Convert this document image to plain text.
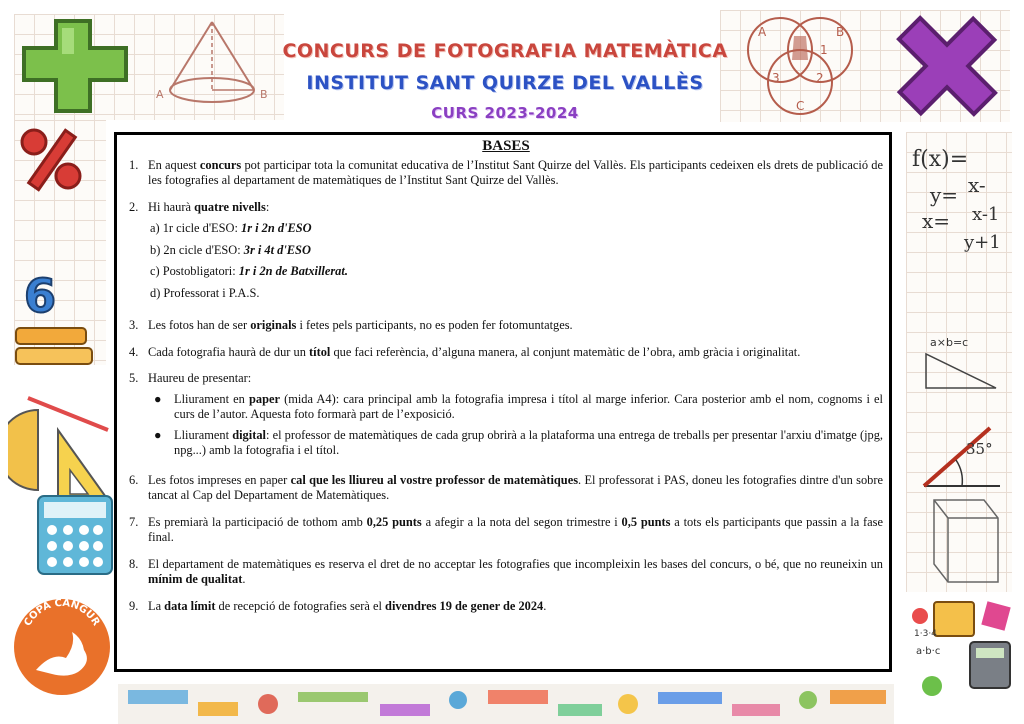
A	B
A	B
C
1
2
3
6
COPA CANGUR
f(x)=
x-
y=
x-1
x=
y+1
a×b=c
35°
a·b·c
1·3·4
CONCURS DE FOTOGRAFIA MATEMÀTICA
INSTITUT SANT QUIRZE DEL VALLÈS
CURS 2023-2024
BASES
1. En aquest concurs pot participar tota la comunitat educativa de l’Institut Sant Quirze del Vallès. Els participants cedeixen els drets de publicació de les fotografies al departament de matemàtiques de l’Institut Sant Quirze del Vallès.
2. Hi haurà quatre nivells:
a) 1r cicle d'ESO: 1r i 2n d'ESO
b) 2n cicle d'ESO: 3r i 4t d'ESO
c) Postobligatori: 1r i 2n de Batxillerat.
d) Professorat i P.A.S.
3. Les fotos han de ser originals i fetes pels participants, no es poden fer fotomuntatges.
4. Cada fotografia haurà de dur un títol que faci referència, d’alguna manera, al conjunt matemàtic de l’obra, amb gràcia i originalitat.
5. Haureu de presentar:
●	Lliurament en paper (mida A4): cara principal amb la fotografia impresa i títol al marge inferior. Cara posterior amb el nom, cognoms i el curs de l’autor. Aquesta foto formarà part de l’exposició.
●	Lliurament digital: el professor de matemàtiques de cada grup obrirà a la plataforma una entrega de treballs per presentar l'arxiu d'imatge (jpg, npg...) amb la fotografia i el títol.
6. Les fotos impreses en paper cal que les lliureu al vostre professor de matemàtiques. El professorat i PAS, doneu les fotografies dintre d'un sobre tancat al Cap del Departament de Matemàtiques.
7. Es premiarà la participació de tothom amb 0,25 punts a afegir a la nota del segon trimestre i 0,5 punts a tots els participants que passin a la fase final.
8. El departament de matemàtiques es reserva el dret de no acceptar les fotografies que incompleixin les bases del concurs, o bé, que no reuneixin un mínim de qualitat.
9. La data límit de recepció de fotografies serà el divendres 19 de gener de 2024.
